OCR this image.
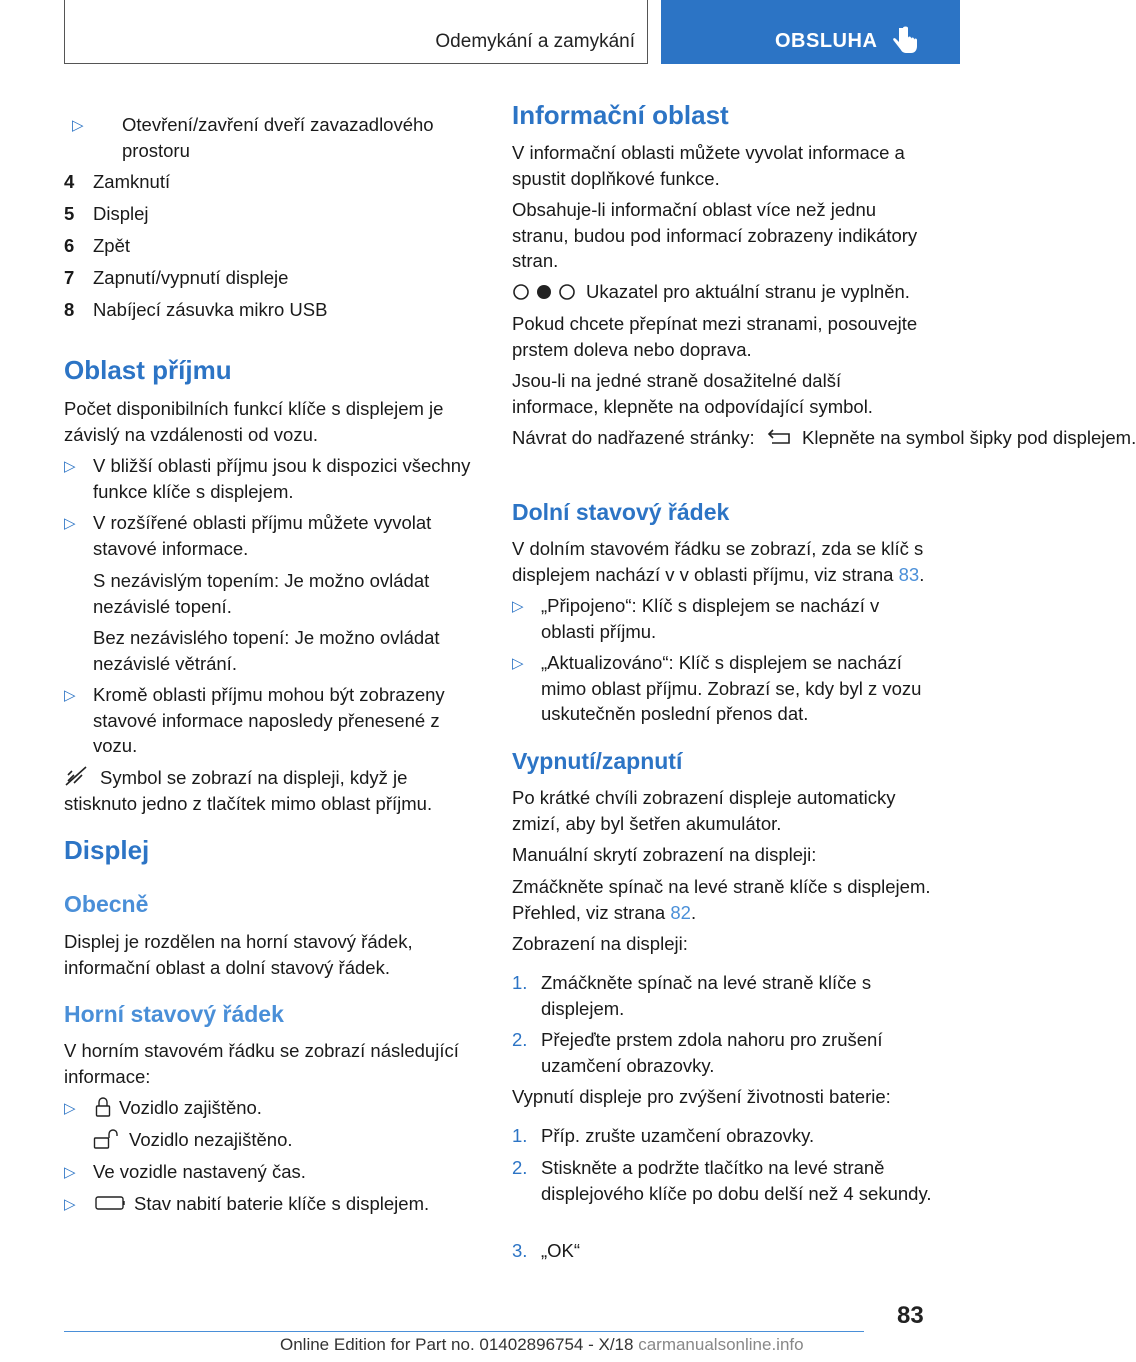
Odemykání a zamykání	OBSLUHA
▷ Otevření/zavření dveří zavazadlového prostoru
4 Zamknutí
5 Displej
6 Zpět
7 Zapnutí/vypnutí displeje
8 Nabíjecí zásuvka mikro USB
Oblast příjmu
Počet disponibilních funkcí klíče s displejem je závislý na vzdálenosti od vozu.
▷ V bližší oblasti příjmu jsou k dispozici všechny funkce klíče s displejem.
▷ V rozšířené oblasti příjmu můžete vyvolat stavové informace.
S nezávislým topením: Je možno ovládat nezávislé topení.
Bez nezávislého topení: Je možno ovládat nezávislé větrání.
▷ Kromě oblasti příjmu mohou být zobrazeny stavové informace naposledy přenesené z vozu.
Symbol se zobrazí na displeji, když je stisknuto jedno z tlačítek mimo oblast příjmu.
Displej
Obecně
Displej je rozdělen na horní stavový řádek, informační oblast a dolní stavový řádek.
Horní stavový řádek
V horním stavovém řádku se zobrazí následující informace:
▷ Vozidlo zajištěno.
Vozidlo nezajištěno.
▷ Ve vozidle nastavený čas.
▷	Stav nabití baterie klíče s displejem.
Informační oblast
V informační oblasti můžete vyvolat informace a spustit doplňkové funkce.
Obsahuje-li informační oblast více než jednu stranu, budou pod informací zobrazeny indikátory stran.
Ukazatel pro aktuální stranu je vyplněn.
Pokud chcete přepínat mezi stranami, posouvejte prstem doleva nebo doprava.
Jsou-li na jedné straně dosažitelné další informace, klepněte na odpovídající symbol.
Návrat do nadřazené stránky:	Klepněte na symbol šipky pod displejem.
Dolní stavový řádek
V dolním stavovém řádku se zobrazí, zda se klíč s displejem nachází v v oblasti příjmu, viz strana 83.
▷ „Připojeno“: Klíč s displejem se nachází v oblasti příjmu.
▷ „Aktualizováno“: Klíč s displejem se nachází mimo oblast příjmu. Zobrazí se, kdy byl z vozu uskutečněn poslední přenos dat.
Vypnutí/zapnutí
Po krátké chvíli zobrazení displeje automaticky zmizí, aby byl šetřen akumulátor.
Manuální skrytí zobrazení na displeji:
Zmáčkněte spínač na levé straně klíče s displejem. Přehled, viz strana 82.
Zobrazení na displeji:
1. Zmáčkněte spínač na levé straně klíče s displejem.
2. Přejeďte prstem zdola nahoru pro zrušení uzamčení obrazovky.
Vypnutí displeje pro zvýšení životnosti baterie:
1. Příp. zrušte uzamčení obrazovky.
2. Stiskněte a podržte tlačítko na levé straně displejového klíče po dobu delší než 4 sekundy.
3. „OK“
83
Online Edition for Part no. 01402896754 - X/18 carmanualsonline.info
